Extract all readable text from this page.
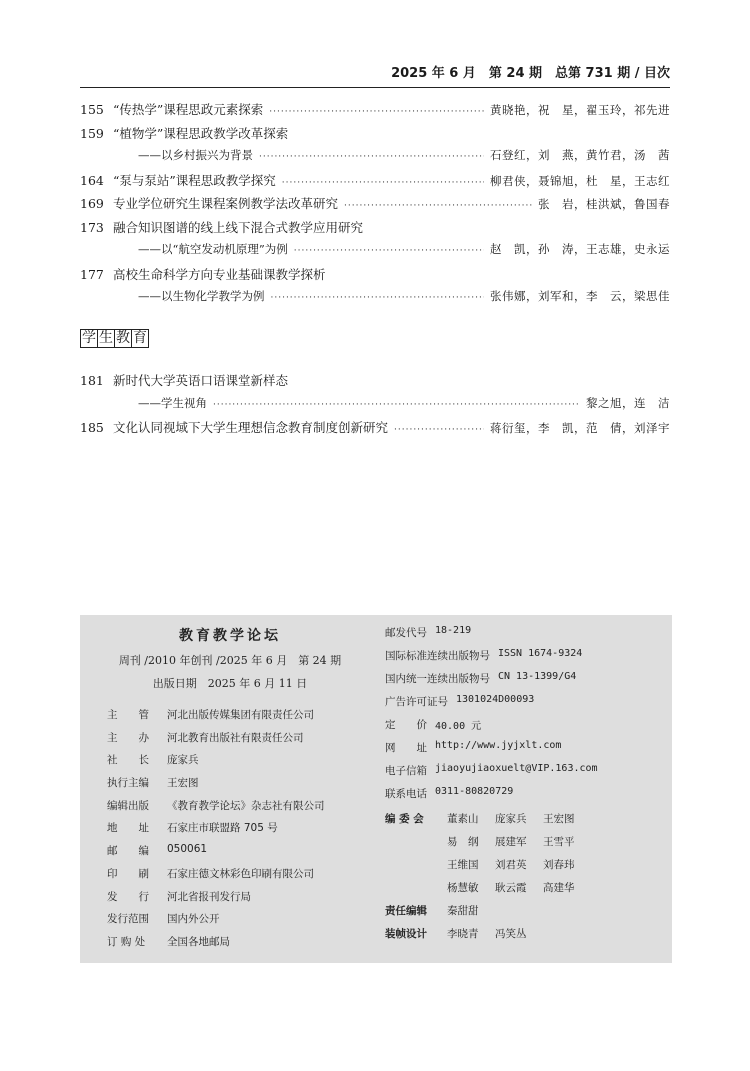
2025 年 6 月　第 24 期　总第 731 期 / 目次
155 “传热学”课程思政元素探索 ·····	黄晓艳，祝　星，翟玉玲，祁先进
159 “植物学”课程思政教学改革探索
——以乡村振兴为背景 ·····	石登红，刘　燕，黄竹君，汤　茜
164 “泵与泵站”课程思政教学探究 ·····	柳君侠，聂锦旭，杜　星，王志红
169 专业学位研究生课程案例教学法改革研究 ·····	张　岩，桂洪斌，鲁国春
173 融合知识图谱的线上线下混合式教学应用研究
——以“航空发动机原理”为例 ·····	赵　凯，孙　涛，王志雄，史永运
177 高校生命科学方向专业基础课教学探析
——以生物化学教学为例 ·····	张伟娜，刘军和，李　云，梁思佳
学 生 教 育
181 新时代大学英语口语课堂新样态
——学生视角 ·····	黎之旭，连　洁
185 文化认同视域下大学生理想信念教育制度创新研究 ·····	蒋衍玺，李　凯，范　倩，刘泽宇
教育教学论坛
周刊 /2010 年创刊 /2025 年 6 月　第 24 期
出版日期　2025 年 6 月 11 日
主　　管	河北出版传媒集团有限责任公司
主　　办	河北教育出版社有限责任公司
社　　长	庞家兵
执行主编	王宏图
编辑出版	《教育教学论坛》杂志社有限公司
地　　址	石家庄市联盟路 705 号
邮　　编	050061
印　　刷	石家庄德文林彩色印刷有限公司
发　　行	河北省报刊发行局
发行范围	国内外公开
订 购 处	全国各地邮局
邮发代号 18-219
国际标准连续出版物号 ISSN 1674-9324
国内统一连续出版物号 CN 13-1399/G4
广告许可证号 1301024D00093
定　　价 40.00 元
网　　址 http://www.jyjxlt.com
电子信箱 jiaoyujiaoxuelt@VIP.163.com
联系电话 0311-80820729
编 委 会	董素山 庞家兵 王宏图
易　纲 展建军 王雪平
王维国 刘君英 刘春玮
杨慧敏 耿云霞 高建华
责任编辑	秦甜甜
装帧设计	李晓青 冯笑丛
